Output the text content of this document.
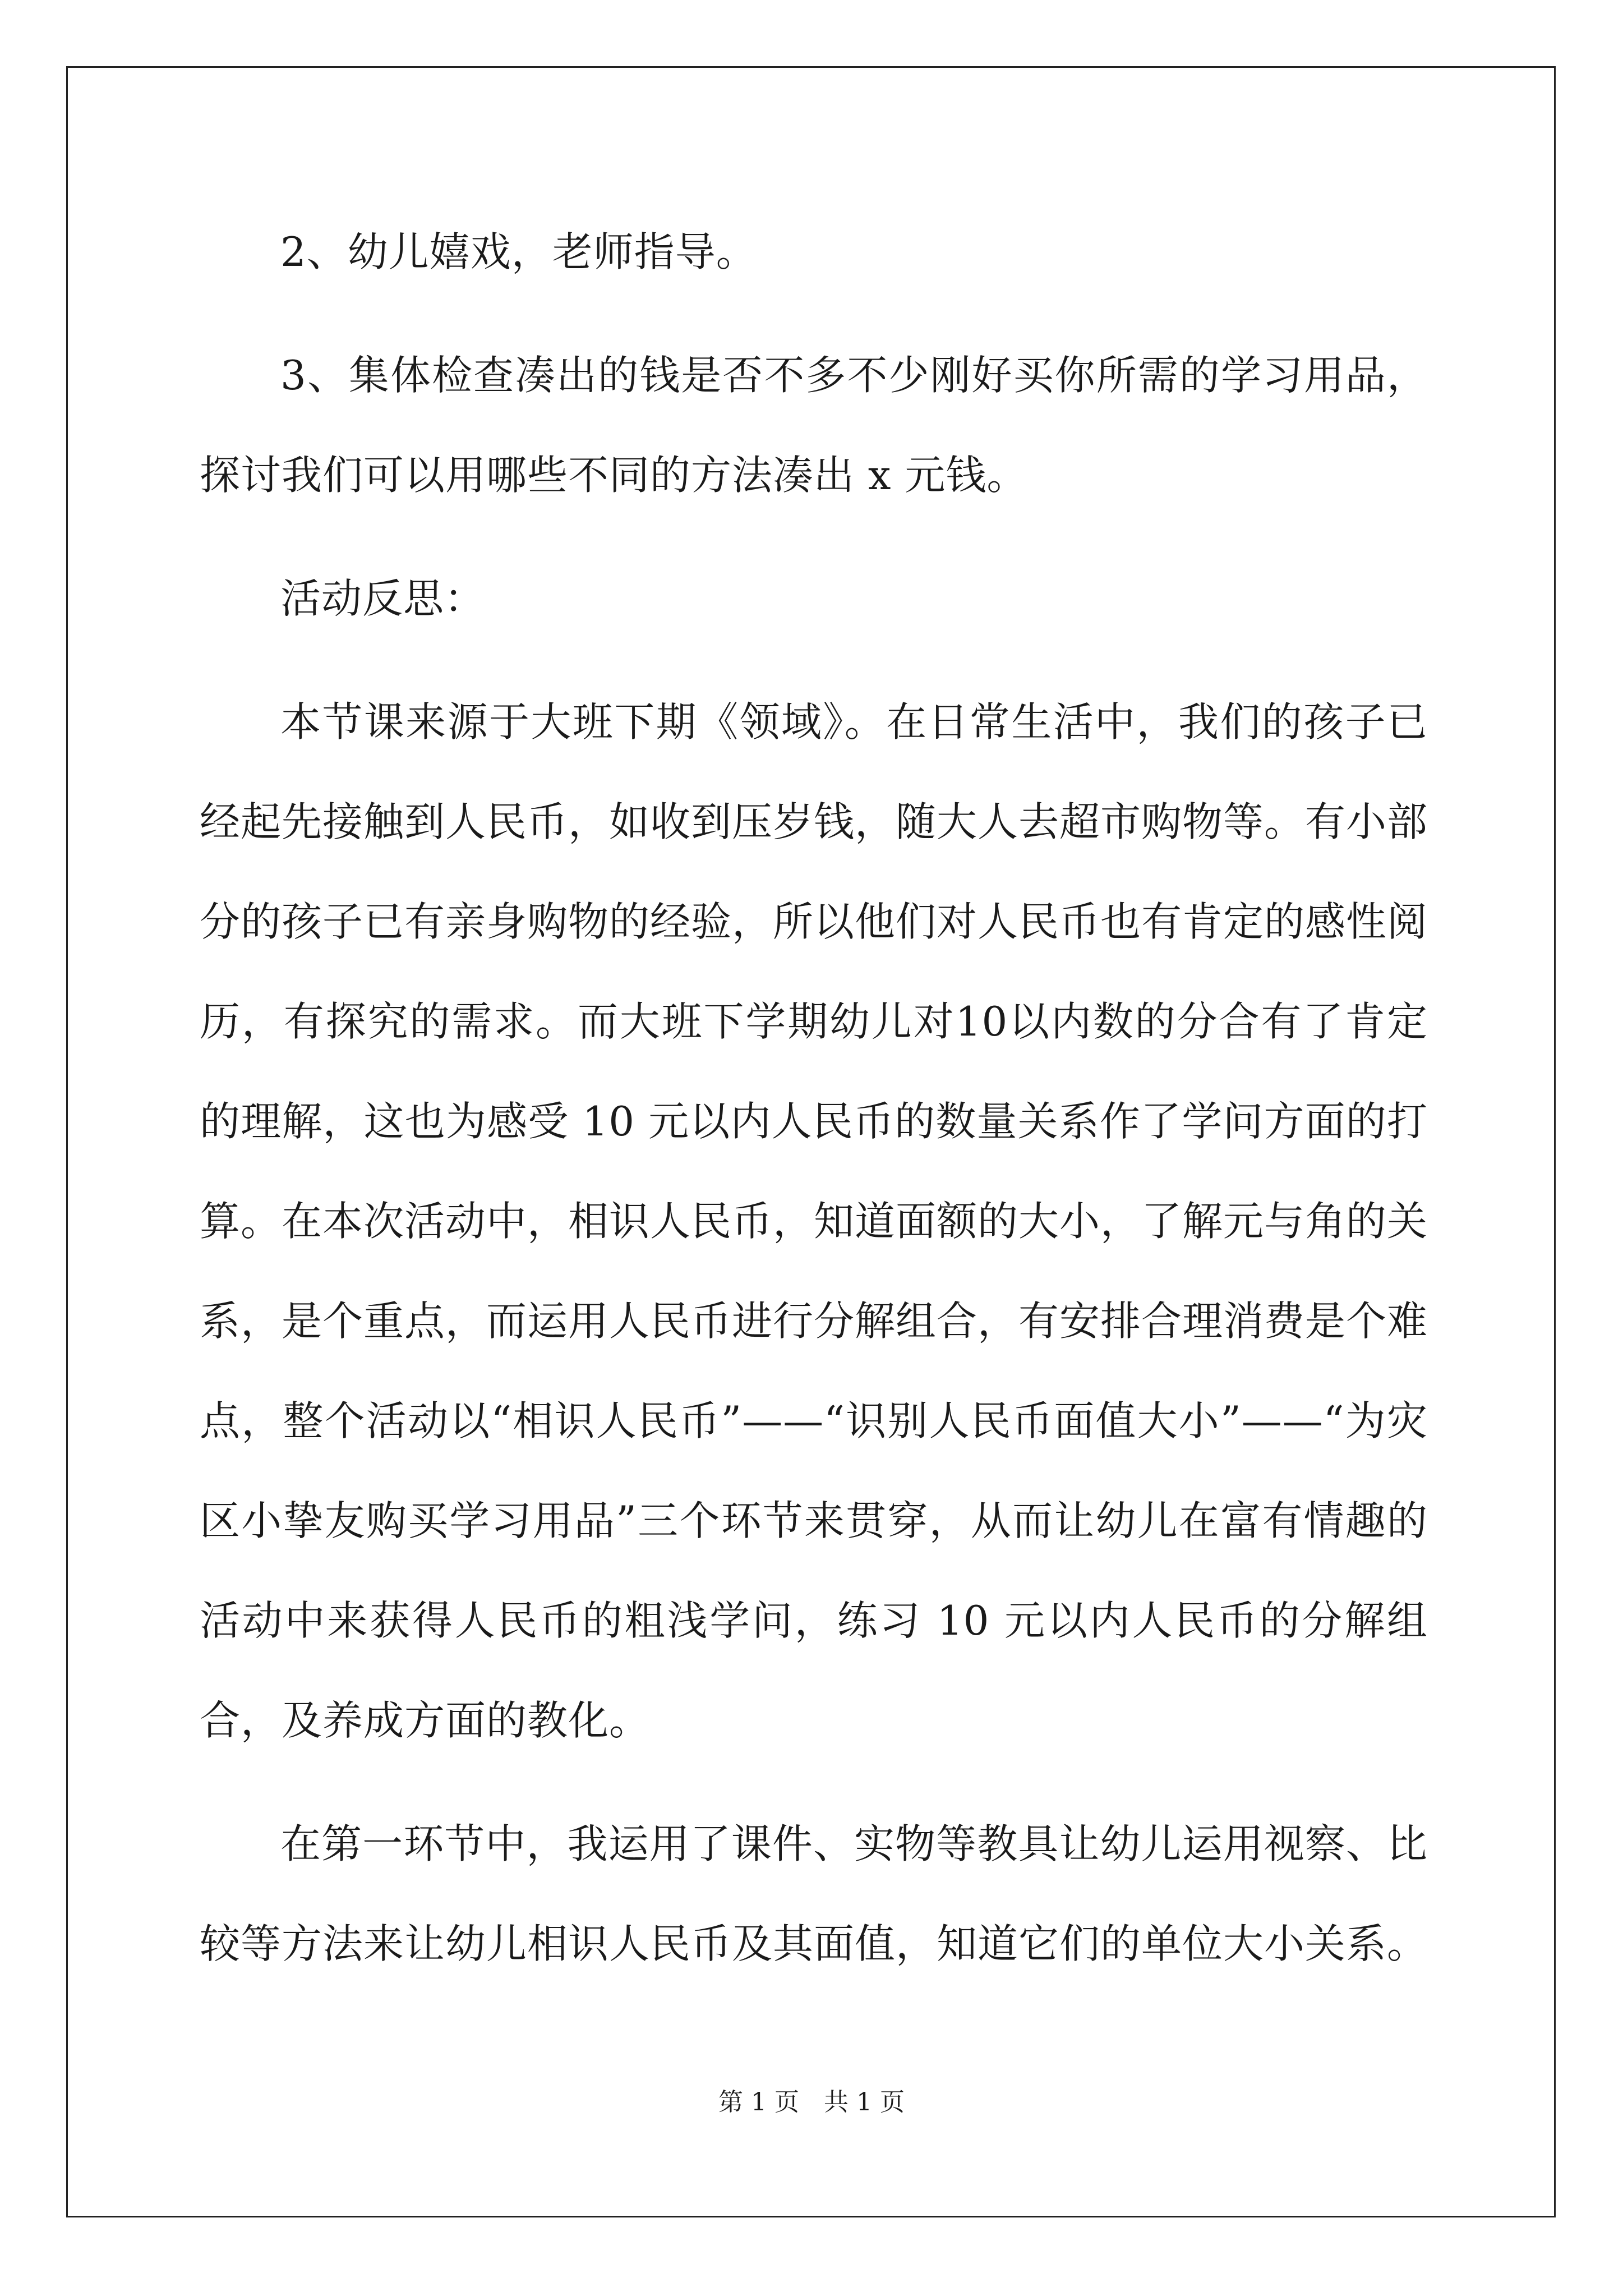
2、幼儿嬉戏，老师指导。

3、集体检查凑出的钱是否不多不少刚好买你所需的学习用品，探讨我们可以用哪些不同的方法凑出 x 元钱。

活动反思：

本节课来源于大班下期《领域》。在日常生活中，我们的孩子已经起先接触到人民币，如收到压岁钱，随大人去超市购物等。有小部分的孩子已有亲身购物的经验，所以他们对人民币也有肯定的感性阅历，有探究的需求。而大班下学期幼儿对10以内数的分合有了肯定的理解，这也为感受 10 元以内人民币的数量关系作了学问方面的打算。在本次活动中，相识人民币，知道面额的大小，了解元与角的关系，是个重点，而运用人民币进行分解组合，有安排合理消费是个难点，整个活动以“相识人民币”——“识别人民币面值大小”——“为灾区小挚友购买学习用品”三个环节来贯穿，从而让幼儿在富有情趣的活动中来获得人民币的粗浅学问，练习 10 元以内人民币的分解组合，及养成方面的教化。

在第一环节中，我运用了课件、实物等教具让幼儿运用视察、比较等方法来让幼儿相识人民币及其面值，知道它们的单位大小关系。

第 1 页　共 1 页
